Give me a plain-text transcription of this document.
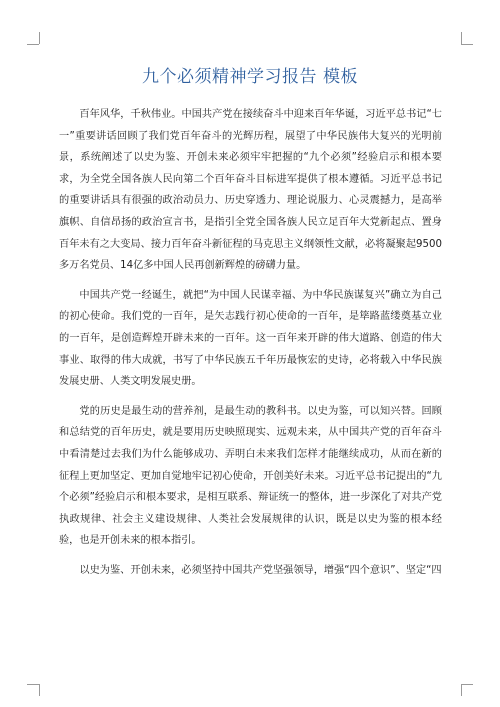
九个必须精神学习报告 模板

百年风华，千秋伟业。中国共产党在接续奋斗中迎来百年华诞，习近平总书记“七一”重要讲话回顾了我们党百年奋斗的光辉历程，展望了中华民族伟大复兴的光明前景，系统阐述了以史为鉴、开创未来必须牢牢把握的“九个必须”经验启示和根本要求，为全党全国各族人民向第二个百年奋斗目标进军提供了根本遵循。习近平总书记的重要讲话具有很强的政治动员力、历史穿透力、理论说服力、心灵震撼力，是高举旗帜、自信昂扬的政治宣言书，是指引全党全国各族人民立足百年大党新起点、置身百年未有之大变局、接力百年奋斗新征程的马克思主义纲领性文献，必将凝聚起9500多万名党员、14亿多中国人民再创新辉煌的磅礴力量。

中国共产党一经诞生，就把“为中国人民谋幸福、为中华民族谋复兴”确立为自己的初心使命。我们党的一百年，是矢志践行初心使命的一百年，是筚路蓝缕奠基立业的一百年，是创造辉煌开辟未来的一百年。这一百年来开辟的伟大道路、创造的伟大事业、取得的伟大成就，书写了中华民族五千年历最恢宏的史诗，必将载入中华民族发展史册、人类文明发展史册。

党的历史是最生动的营养剂，是最生动的教科书。以史为鉴，可以知兴替。回顾和总结党的百年历史，就是要用历史映照现实、远观未来，从中国共产党的百年奋斗中看清楚过去我们为什么能够成功、弄明白未来我们怎样才能继续成功，从而在新的征程上更加坚定、更加自觉地牢记初心使命，开创美好未来。习近平总书记提出的“九个必须”经验启示和根本要求，是相互联系、辩证统一的整体，进一步深化了对共产党执政规律、社会主义建设规律、人类社会发展规律的认识，既是以史为鉴的根本经验，也是开创未来的根本指引。

以史为鉴、开创未来，必须坚持中国共产党坚强领导，增强“四个意识”、坚定“四
